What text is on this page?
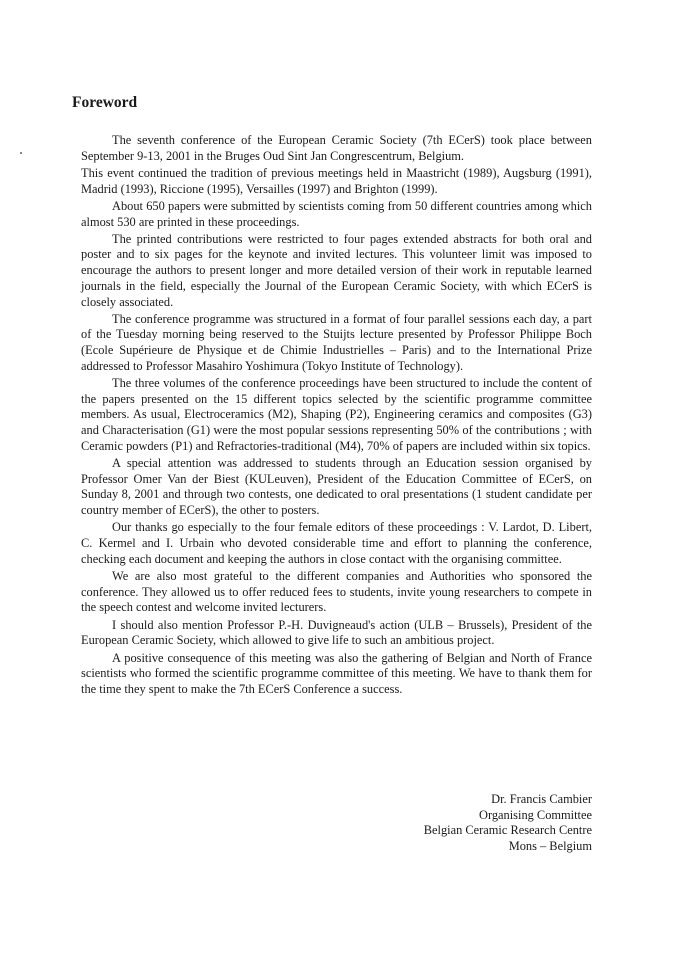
Foreword

The seventh conference of the European Ceramic Society (7th ECerS) took place between September 9-13, 2001 in the Bruges Oud Sint Jan Congrescentrum, Belgium.

This event continued the tradition of previous meetings held in Maastricht (1989), Augsburg (1991), Madrid (1993), Riccione (1995), Versailles (1997) and Brighton (1999).

About 650 papers were submitted by scientists coming from 50 different countries among which almost 530 are printed in these proceedings.

The printed contributions were restricted to four pages extended abstracts for both oral and poster and to six pages for the keynote and invited lectures. This volunteer limit was imposed to encourage the authors to present longer and more detailed version of their work in reputable learned journals in the field, especially the Journal of the European Ceramic Society, with which ECerS is closely associated.

The conference programme was structured in a format of four parallel sessions each day, a part of the Tuesday morning being reserved to the Stuijts lecture presented by Professor Philippe Boch (Ecole Supérieure de Physique et de Chimie Industrielles – Paris) and to the International Prize addressed to Professor Masahiro Yoshimura (Tokyo Institute of Technology).

The three volumes of the conference proceedings have been structured to include the content of the papers presented on the 15 different topics selected by the scientific programme committee members. As usual, Electroceramics (M2), Shaping (P2), Engineering ceramics and composites (G3) and Characterisation (G1) were the most popular sessions representing 50% of the contributions ; with Ceramic powders (P1) and Refractories-traditional (M4), 70% of papers are included within six topics.

A special attention was addressed to students through an Education session organised by Professor Omer Van der Biest (KULeuven), President of the Education Committee of ECerS, on Sunday 8, 2001 and through two contests, one dedicated to oral presentations (1 student candidate per country member of ECerS), the other to posters.

Our thanks go especially to the four female editors of these proceedings : V. Lardot, D. Libert, C. Kermel and I. Urbain who devoted considerable time and effort to planning the conference, checking each document and keeping the authors in close contact with the organising committee.

We are also most grateful to the different companies and Authorities who sponsored the conference. They allowed us to offer reduced fees to students, invite young researchers to compete in the speech contest and welcome invited lecturers.

I should also mention Professor P.-H. Duvigneaud's action (ULB – Brussels), President of the European Ceramic Society, which allowed to give life to such an ambitious project.

A positive consequence of this meeting was also the gathering of Belgian and North of France scientists who formed the scientific programme committee of this meeting. We have to thank them for the time they spent to make the 7th ECerS Conference a success.

Dr. Francis Cambier
Organising Committee
Belgian Ceramic Research Centre
Mons – Belgium
